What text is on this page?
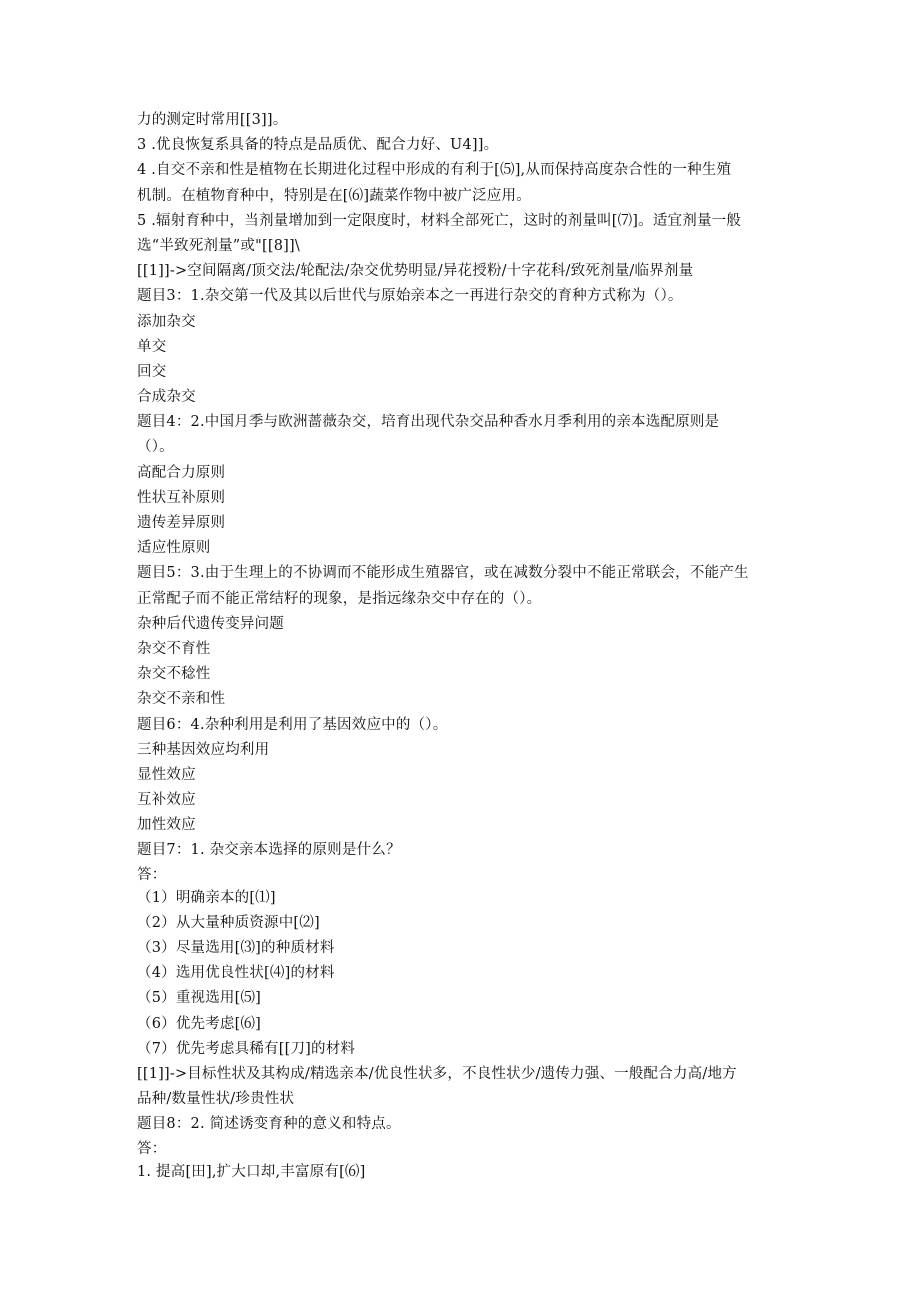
力的测定时常用[[3]]。
3 .优良恢复系具备的特点是品质优、配合力好、U4]]。
4 .自交不亲和性是植物在长期进化过程中形成的有利于[⑸],从而保持高度杂合性的一种生殖
机制。在植物育种中，特别是在[⑹]蔬菜作物中被广泛应用。
5 .辐射育种中，当剂量增加到一定限度时，材料全部死亡，这时的剂量叫[⑺]。适宜剂量一般
选“半致死剂量”或"[[8]]\
[[1]]->空间隔离/顶交法/轮配法/杂交优势明显/异花授粉/十字花科/致死剂量/临界剂量
题目3：1.杂交第一代及其以后世代与原始亲本之一再进行杂交的育种方式称为（）。
添加杂交
单交
回交
合成杂交
题目4：2.中国月季与欧洲蔷薇杂交，培育出现代杂交品种香水月季利用的亲本选配原则是
（）。
高配合力原则
性状互补原则
遗传差异原则
适应性原则
题目5：3.由于生理上的不协调而不能形成生殖器官，或在减数分裂中不能正常联会，不能产生
正常配子而不能正常结籽的现象，是指远缘杂交中存在的（）。
杂种后代遗传变异问题
杂交不育性
杂交不稔性
杂交不亲和性
题目6：4.杂种利用是利用了基因效应中的（）。
三种基因效应均利用
显性效应
互补效应
加性效应
题目7：1. 杂交亲本选择的原则是什么？
答：
（1）明确亲本的[⑴]
（2）从大量种质资源中[⑵]
（3）尽量选用[⑶]的种质材料
（4）选用优良性状[⑷]的材料
（5）重视选用[⑸]
（6）优先考虑[⑹]
（7）优先考虑具稀有[[刀]的材料
[[1]]->目标性状及其构成/精选亲本/优良性状多，不良性状少/遗传力强、一般配合力高/地方
品种/数量性状/珍贵性状
题目8：2. 简述诱变育种的意义和特点。
答：
1. 提高[田],扩大口却,丰富原有[⑹]
